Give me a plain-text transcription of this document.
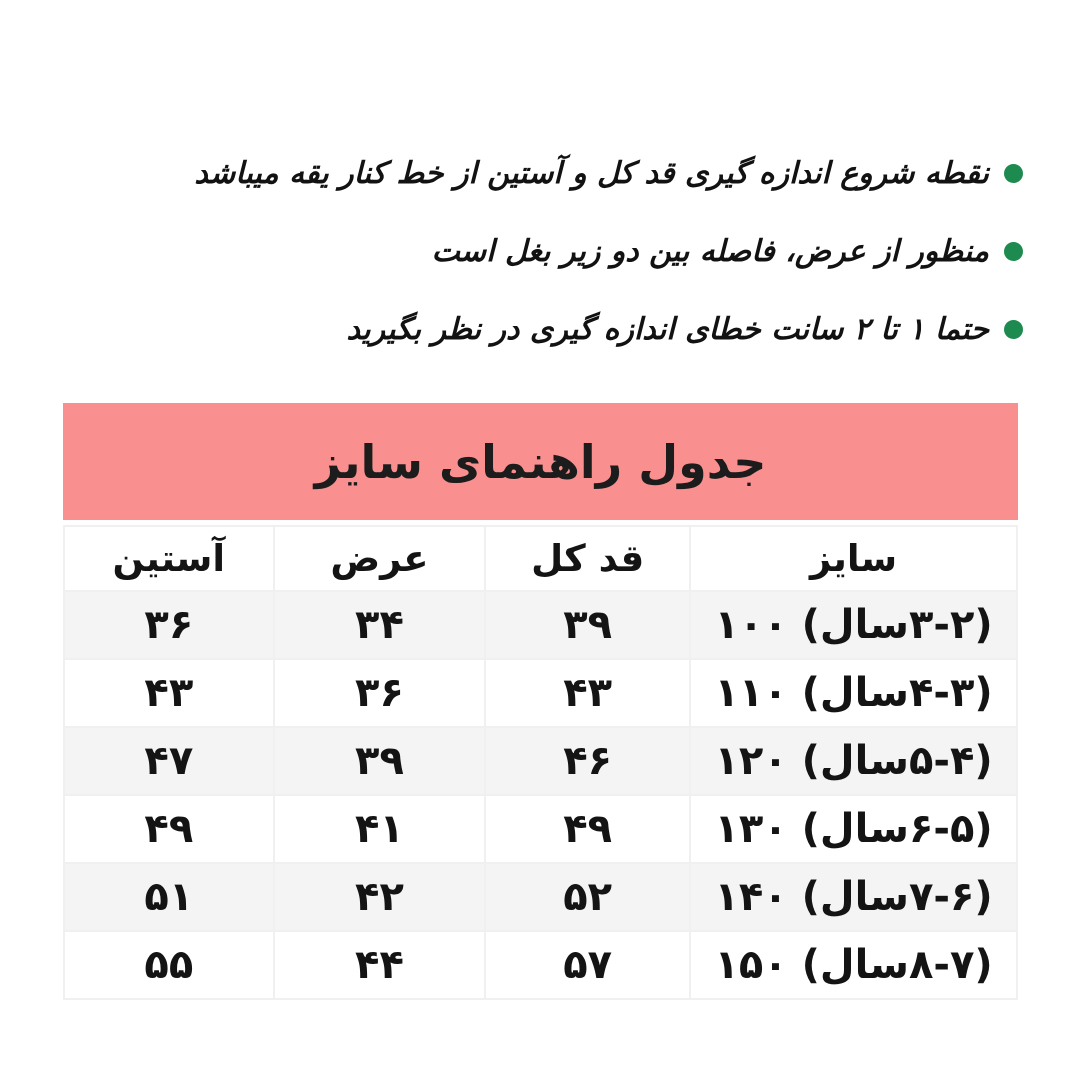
نقطه شروع اندازه گیری قد کل و آستین از خط کنار یقه میباشد
منظور از عرض، فاصله بین دو زیر بغل است
حتما ۱ تا ۲ سانت خطای اندازه گیری در نظر بگیرید
جدول راهنمای سایز
سایز	قد کل	عرض	آستین
(۳-۲سال) ۱۰۰	۳۹	۳۴	۳۶
(۴-۳سال) ۱۱۰	۴۳	۳۶	۴۳
(۵-۴سال) ۱۲۰	۴۶	۳۹	۴۷
(۶-۵سال) ۱۳۰	۴۹	۴۱	۴۹
(۷-۶سال) ۱۴۰	۵۲	۴۲	۵۱
(۸-۷سال) ۱۵۰	۵۷	۴۴	۵۵
